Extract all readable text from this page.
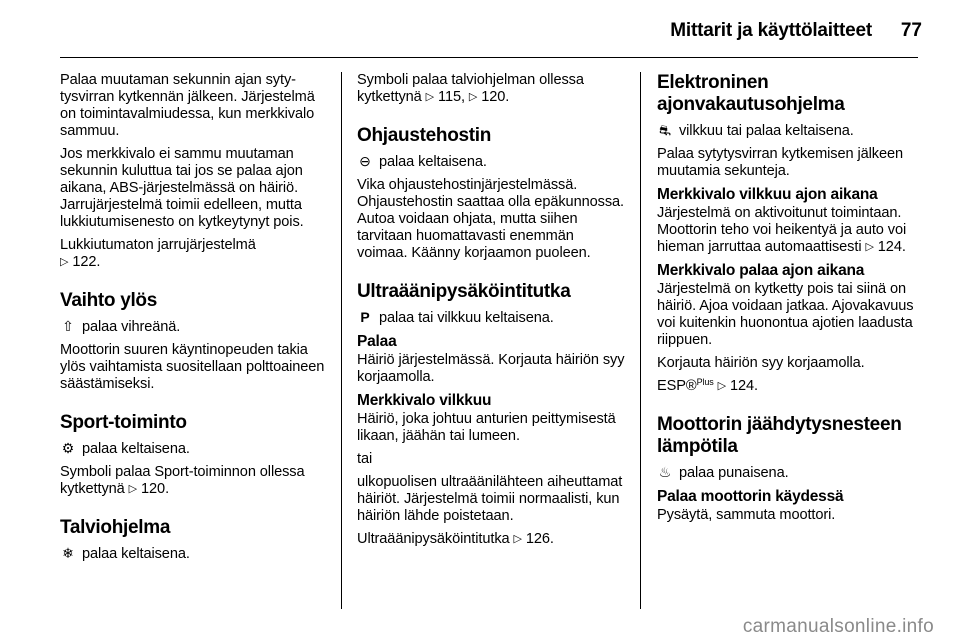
Mittarit ja käyttölaitteet 77

Palaa muutaman sekunnin ajan sytytysvirran kytkennän jälkeen. Järjestelmä on toimintavalmiudessa, kun merkkivalo sammuu.

Jos merkkivalo ei sammu muutaman sekunnin kuluttua tai jos se palaa ajon aikana, ABS-järjestelmässä on häiriö. Jarrujärjestelmä toimii edelleen, mutta lukkiutumisenesto on kytkeytynyt pois.

Lukkiutumaton jarrujärjestelmä
▷ 122.

Vaihto ylös

⇧ palaa vihreänä.

Moottorin suuren käyntinopeuden takia ylös vaihtamista suositellaan polttoaineen säästämiseksi.

Sport-toiminto

⚙ palaa keltaisena.

Symboli palaa Sport-toiminnon ollessa kytkettynä ▷ 120.

Talviohjelma

❄ palaa keltaisena.

Symboli palaa talviohjelman ollessa kytkettynä ▷ 115, ▷ 120.

Ohjaustehostin

⊖ palaa keltaisena.

Vika ohjaustehostinjärjestelmässä. Ohjaustehostin saattaa olla epäkunnossa. Autoa voidaan ohjata, mutta siihen tarvitaan huomattavasti enemmän voimaa. Käänny korjaamon puoleen.

Ultraäänipysäköintitutka

P palaa tai vilkkuu keltaisena.

Palaa

Häiriö järjestelmässä. Korjauta häiriön syy korjaamolla.

Merkkivalo vilkkuu

Häiriö, joka johtuu anturien peittymisestä likaan, jäähän tai lumeen.

tai

ulkopuolisen ultraäänilähteen aiheuttamat häiriöt. Järjestelmä toimii normaalisti, kun häiriön lähde poistetaan.

Ultraäänipysäköintitutka ▷ 126.

Elektroninen ajonvakautusohjelma

⛐ vilkkuu tai palaa keltaisena.

Palaa sytytysvirran kytkemisen jälkeen muutamia sekunteja.

Merkkivalo vilkkuu ajon aikana

Järjestelmä on aktivoitunut toimintaan. Moottorin teho voi heikentyä ja auto voi hieman jarruttaa automaattisesti ▷ 124.

Merkkivalo palaa ajon aikana

Järjestelmä on kytketty pois tai siinä on häiriö. Ajoa voidaan jatkaa. Ajovakavuus voi kuitenkin huonontua ajotien laadusta riippuen.

Korjauta häiriön syy korjaamolla.

ESP®$^{Plus}$ ▷ 124.

Moottorin jäähdytysnesteen lämpötila

♨ palaa punaisena.

Palaa moottorin käydessä

Pysäytä, sammuta moottori.

carmanualsonline.info
